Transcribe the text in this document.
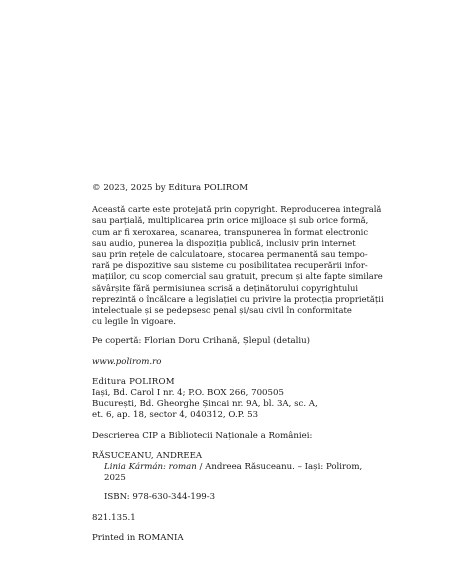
© 2023, 2025 by Editura POLIROM
Această carte este protejată prin copyright. Reproducerea integrală
sau parțială, multiplicarea prin orice mijloace și sub orice formă,
cum ar fi xeroxarea, scanarea, transpunerea în format electronic
sau audio, punerea la dispoziția publică, inclusiv prin internet
sau prin rețele de calculatoare, stocarea permanentă sau tempo-
rară pe dispozitive sau sisteme cu posibilitatea recuperării infor-
mațiilor, cu scop comercial sau gratuit, precum și alte fapte similare
săvârșite fără permisiunea scrisă a deținătorului copyrightului
reprezintă o încălcare a legislației cu privire la protecția proprietății
intelectuale și se pedepsesc penal și/sau civil în conformitate
cu legile în vigoare.
Pe copertă: Florian Doru Crihană, Șlepul (detaliu)
www.polirom.ro
Editura POLIROM
Iași, Bd. Carol I nr. 4; P.O. BOX 266, 700505
București, Bd. Gheorghe Șincai nr. 9A, bl. 3A, sc. A,
et. 6, ap. 18, sector 4, 040312, O.P. 53
Descrierea CIP a Bibliotecii Naționale a României:
RĂSUCEANU, ANDREEA
Linia Kármán: roman / Andreea Răsuceanu. – Iași: Polirom,
2025
ISBN: 978-630-344-199-3
821.135.1
Printed in ROMANIA
